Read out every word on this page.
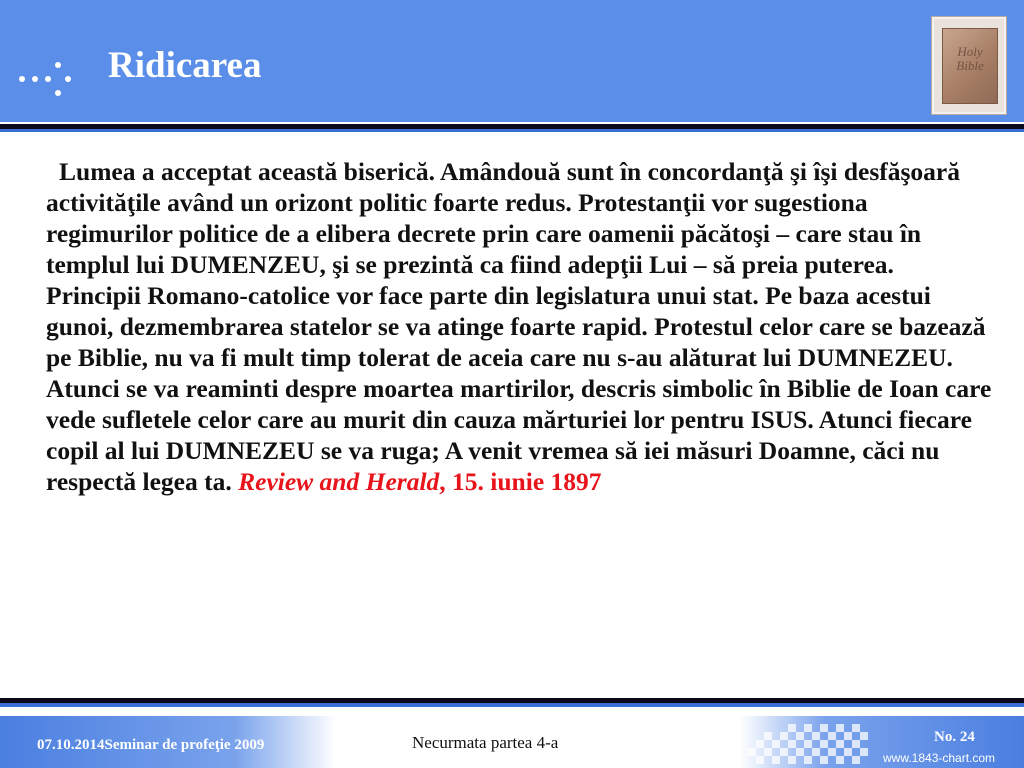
Ridicarea	Holy Bible
Lumea a acceptat această biserică. Amândouă sunt în concordanţă şi îşi desfăşoară activităţile având un orizont politic foarte redus. Protestanţii vor sugestiona regimurilor politice de a elibera decrete prin care oamenii păcătoşi – care stau în templul lui DUMENZEU, şi se prezintă ca fiind adepţii Lui – să preia puterea. Principii Romano-catolice vor face parte din legislatura unui stat. Pe baza acestui gunoi, dezmembrarea statelor se va atinge foarte rapid. Protestul celor care se bazează pe Biblie, nu va fi mult timp tolerat de aceia care nu s-au alăturat lui DUMNEZEU. Atunci se va reaminti despre moartea martirilor, descris simbolic în Biblie de Ioan care vede sufletele celor care au murit din cauza mărturiei lor pentru ISUS. Atunci fiecare copil al lui DUMNEZEU se va ruga; A venit vremea să iei măsuri Doamne, căci nu respectă legea ta. Review and Herald, 15. iunie 1897
07.10.2014Seminar de profeţie 2009	Necurmata partea 4-a	No. 24
www.1843-chart.com
